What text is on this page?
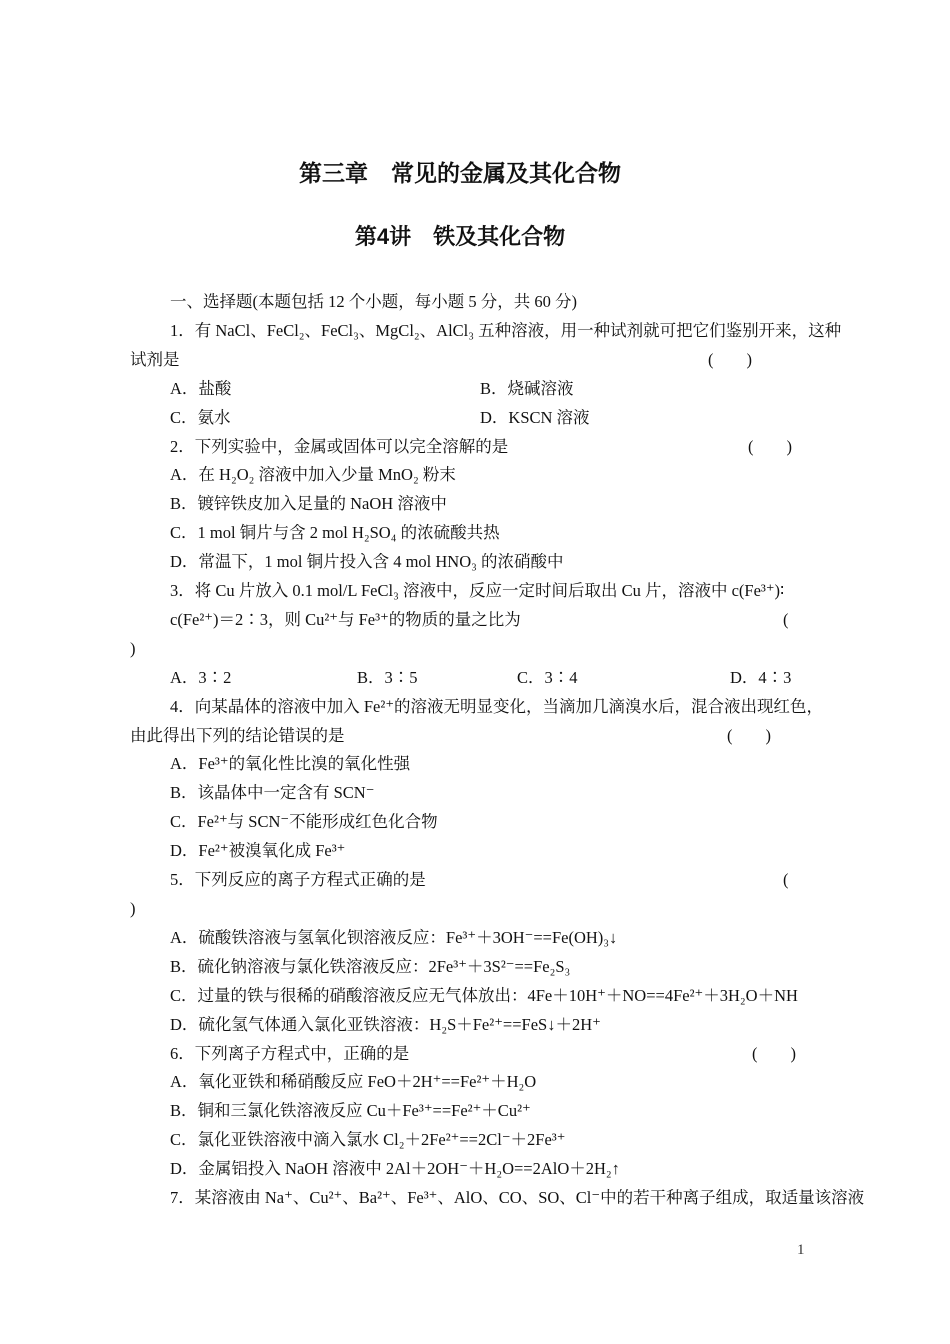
第三章　常见的金属及其化合物
第4讲　铁及其化合物
一、选择题(本题包括 12 个小题，每小题 5 分，共 60 分)
1．有 NaCl、FeCl₂、FeCl₃、MgCl₂、AlCl₃ 五种溶液，用一种试剂就可把它们鉴别开来，这种
试剂是	(　　)
A．盐酸	B．烧碱溶液
C．氨水	D．KSCN 溶液
2．下列实验中，金属或固体可以完全溶解的是	(　　)
A．在 H₂O₂ 溶液中加入少量 MnO₂ 粉末
B．镀锌铁皮加入足量的 NaOH 溶液中
C．1 mol 铜片与含 2 mol H₂SO₄ 的浓硫酸共热
D．常温下，1 mol 铜片投入含 4 mol HNO₃ 的浓硝酸中
3．将 Cu 片放入 0.1 mol/L FeCl₃ 溶液中，反应一定时间后取出 Cu 片，溶液中 c(Fe³⁺)∶
c(Fe²⁺)＝2∶3，则 Cu²⁺与 Fe³⁺的物质的量之比为	(
)
A．3∶2	B．3∶5	C．3∶4	D．4∶3
4．向某晶体的溶液中加入 Fe²⁺的溶液无明显变化，当滴加几滴溴水后，混合液出现红色，
由此得出下列的结论错误的是	(　　)
A．Fe³⁺的氧化性比溴的氧化性强
B．该晶体中一定含有 SCN⁻
C．Fe²⁺与 SCN⁻不能形成红色化合物
D．Fe²⁺被溴氧化成 Fe³⁺
5．下列反应的离子方程式正确的是	(
)
A．硫酸铁溶液与氢氧化钡溶液反应：Fe³⁺＋3OH⁻==Fe(OH)₃↓
B．硫化钠溶液与氯化铁溶液反应：2Fe³⁺＋3S²⁻==Fe₂S₃
C．过量的铁与很稀的硝酸溶液反应无气体放出：4Fe＋10H⁺＋NO==4Fe²⁺＋3H₂O＋NH
D．硫化氢气体通入氯化亚铁溶液：H₂S＋Fe²⁺==FeS↓＋2H⁺
6．下列离子方程式中，正确的是	(　　)
A．氧化亚铁和稀硝酸反应 FeO＋2H⁺==Fe²⁺＋H₂O
B．铜和三氯化铁溶液反应 Cu＋Fe³⁺==Fe²⁺＋Cu²⁺
C．氯化亚铁溶液中滴入氯水 Cl₂＋2Fe²⁺==2Cl⁻＋2Fe³⁺
D．金属铝投入 NaOH 溶液中 2Al＋2OH⁻＋H₂O==2AlO＋2H₂↑
7．某溶液由 Na⁺、Cu²⁺、Ba²⁺、Fe³⁺、AlO、CO、SO、Cl⁻中的若干种离子组成，取适量该溶液
1
